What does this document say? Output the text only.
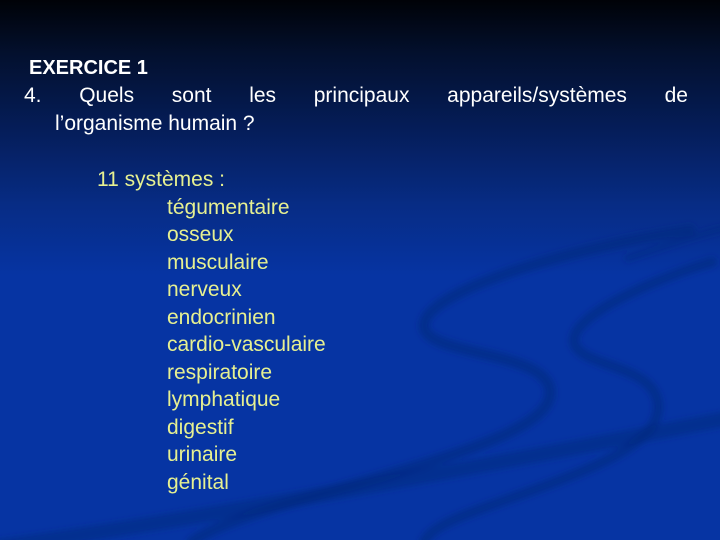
EXERCICE 1
4. Quels sont les principaux appareils/systèmes de
l’organisme humain ?
11 systèmes :
tégumentaire
osseux
musculaire
nerveux
endocrinien
cardio-vasculaire
respiratoire
lymphatique
digestif
urinaire
génital
